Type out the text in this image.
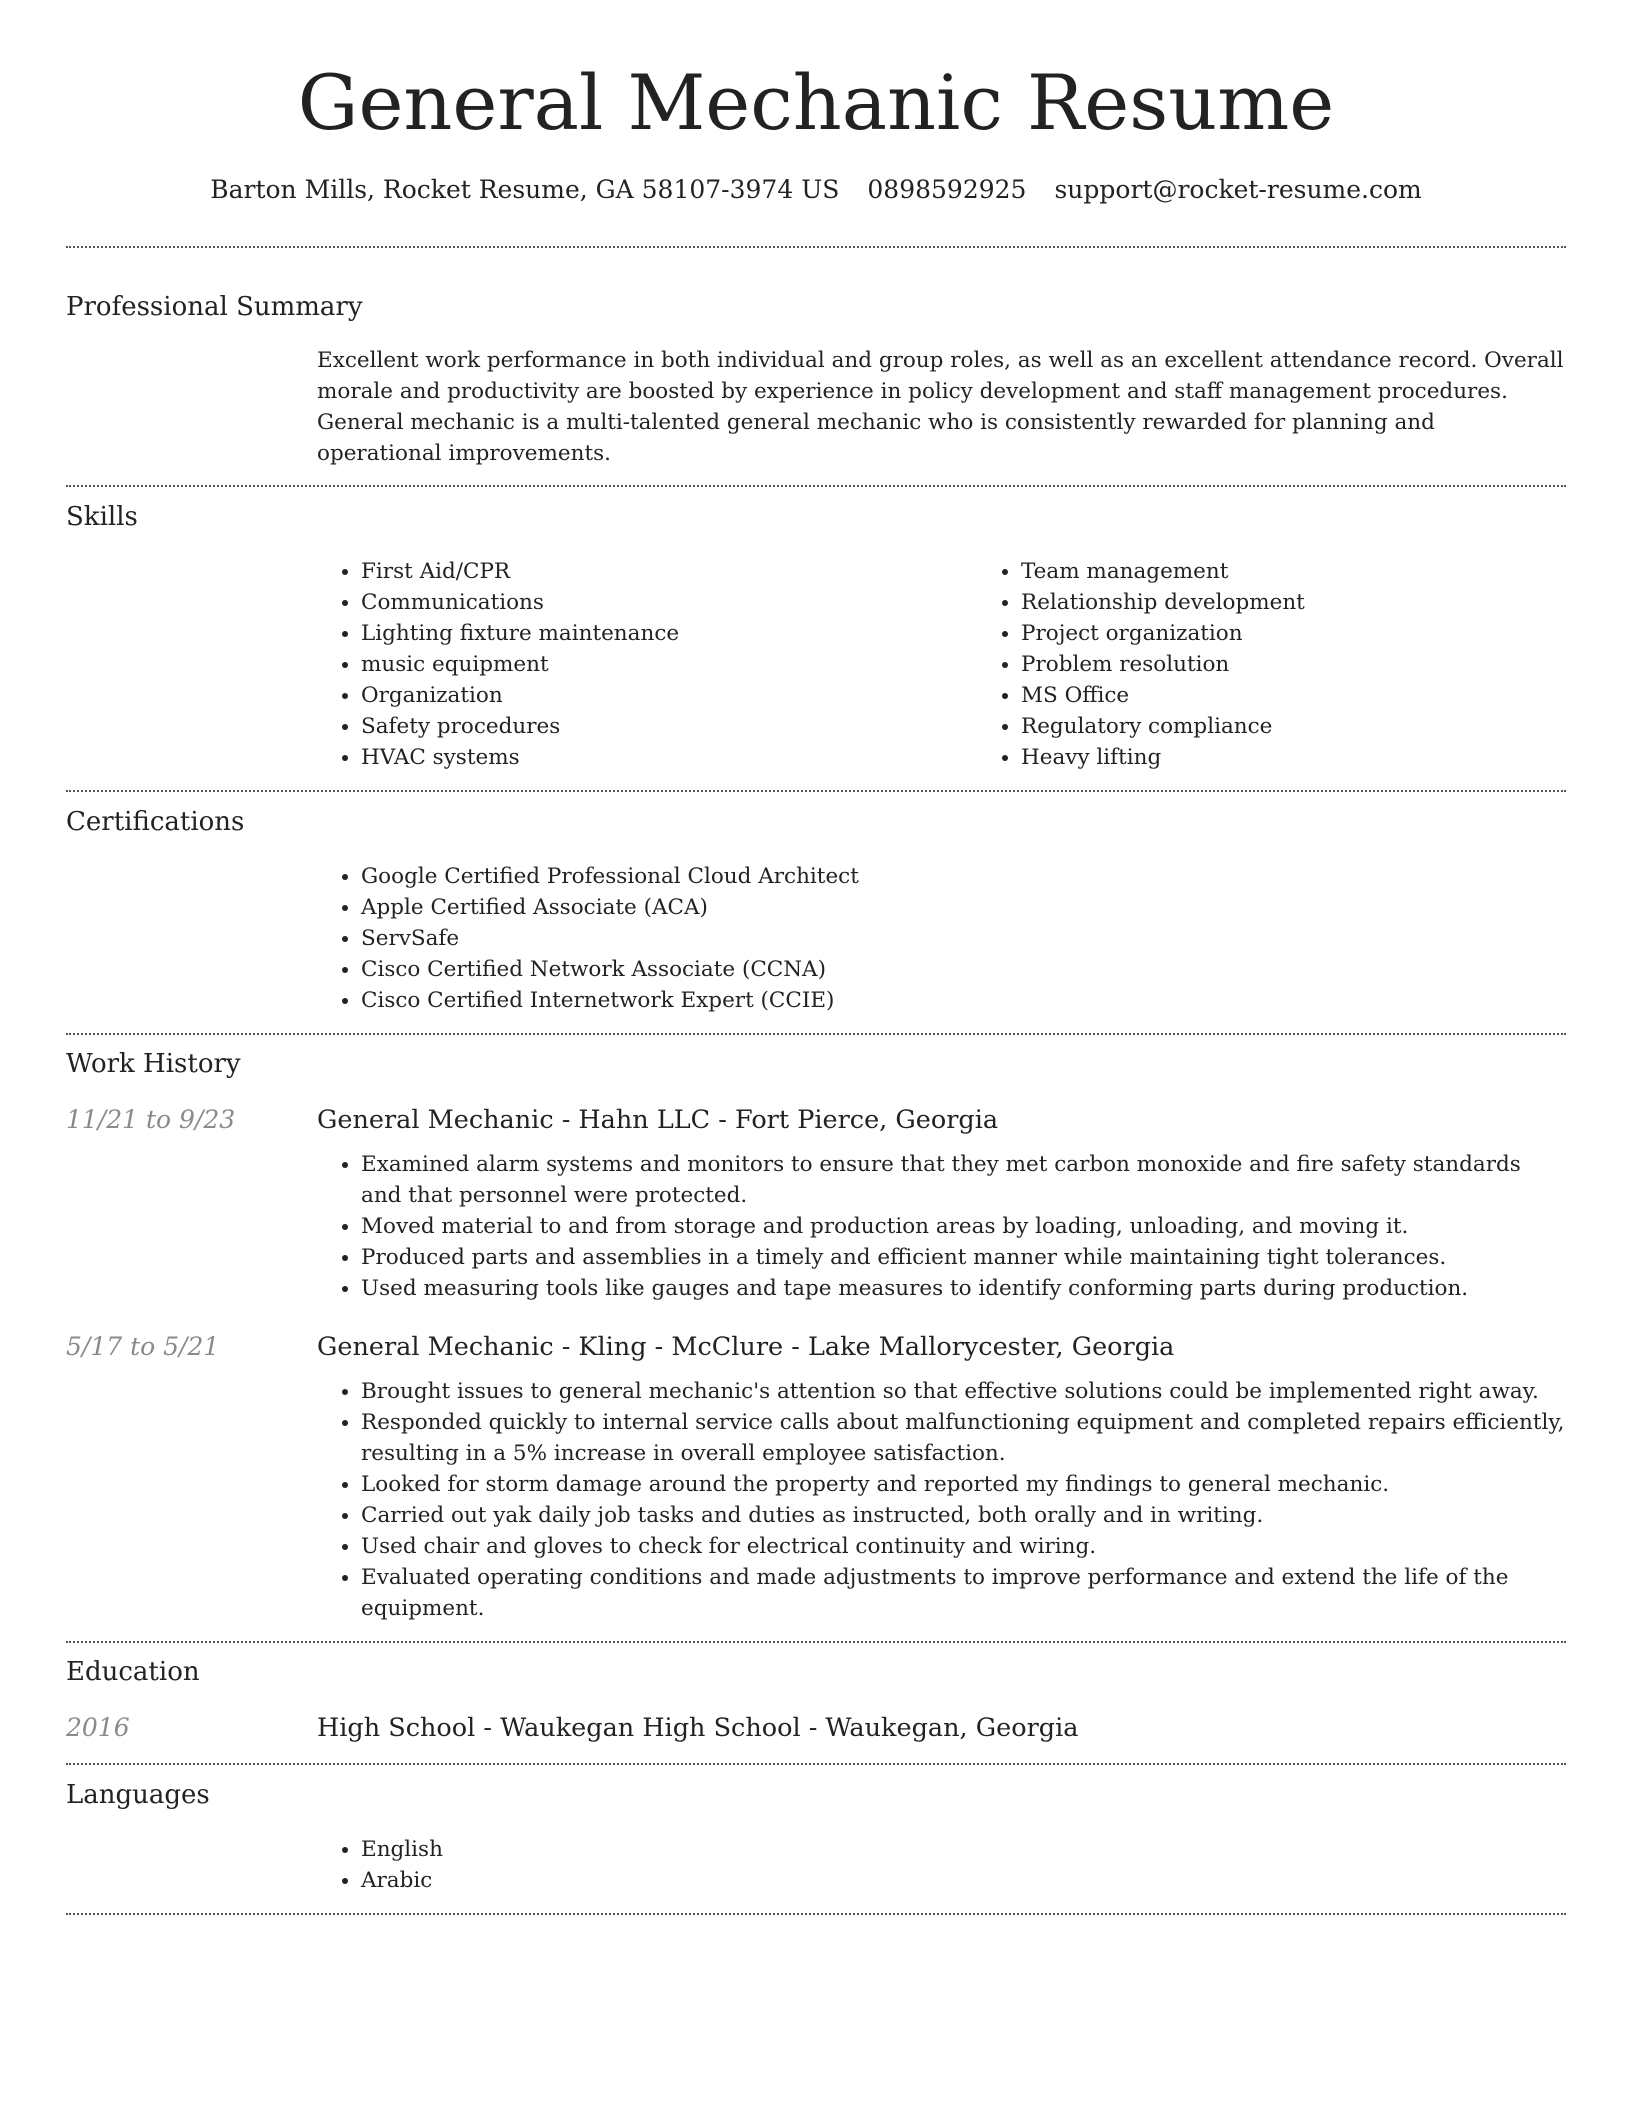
General Mechanic Resume
Barton Mills, Rocket Resume, GA 58107-3974 US 0898592925 support@rocket-resume.com
Professional Summary

Excellent work performance in both individual and group roles, as well as an excellent attendance record. Overall morale and productivity are boosted by experience in policy development and staff management procedures. General mechanic is a multi-talented general mechanic who is consistently rewarded for planning and operational improvements.

Skills
• First Aid/CPR
• Communications
• Lighting fixture maintenance
• music equipment
• Organization
• Safety procedures
• HVAC systems
• Team management
• Relationship development
• Project organization
• Problem resolution
• MS Office
• Regulatory compliance
• Heavy lifting
Certifications
• Google Certified Professional Cloud Architect
• Apple Certified Associate (ACA)
• ServSafe
• Cisco Certified Network Associate (CCNA)
• Cisco Certified Internetwork Expert (CCIE)
Work History
11/21 to 9/23	General Mechanic - Hahn LLC - Fort Pierce, Georgia
• Examined alarm systems and monitors to ensure that they met carbon monoxide and fire safety standards and that personnel were protected.
• Moved material to and from storage and production areas by loading, unloading, and moving it.
• Produced parts and assemblies in a timely and efficient manner while maintaining tight tolerances.
• Used measuring tools like gauges and tape measures to identify conforming parts during production.
5/17 to 5/21	General Mechanic - Kling - McClure - Lake Mallorycester, Georgia
• Brought issues to general mechanic's attention so that effective solutions could be implemented right away.
• Responded quickly to internal service calls about malfunctioning equipment and completed repairs efficiently, resulting in a 5% increase in overall employee satisfaction.
• Looked for storm damage around the property and reported my findings to general mechanic.
• Carried out yak daily job tasks and duties as instructed, both orally and in writing.
• Used chair and gloves to check for electrical continuity and wiring.
• Evaluated operating conditions and made adjustments to improve performance and extend the life of the equipment.
Education
2016	High School - Waukegan High School - Waukegan, Georgia
Languages
• English
• Arabic
